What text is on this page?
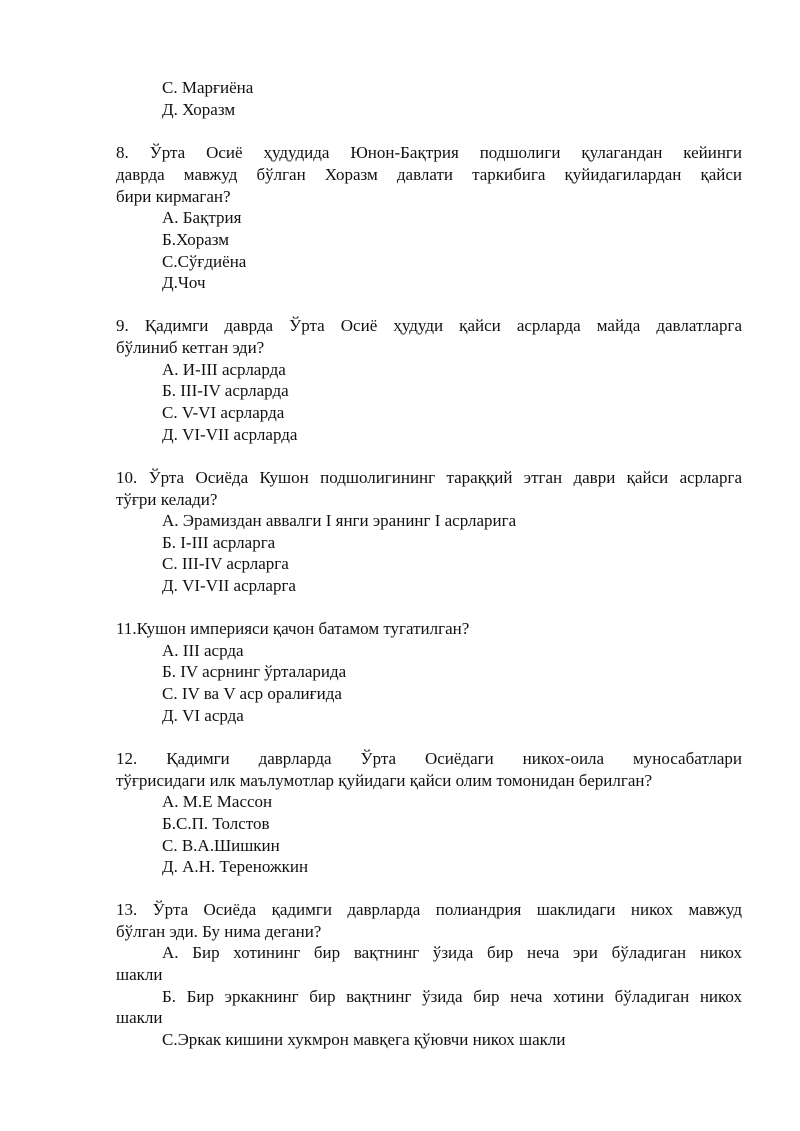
С. Марғиёна

Д. Хоразм

8. Ўрта Осиё ҳудудида Юнон-Бақтрия подшолиги қулагандан кейинги

даврда мавжуд бўлган Хоразм давлати таркибига қуйидагилардан қайси

бири кирмаган?

А. Бақтрия

Б.Хоразм

С.Сўғдиёна

Д.Чоч

9. Қадимги даврда Ўрта Осиё ҳудуди қайси асрларда майда давлатларга

бўлиниб кетган эди?

А. И-III асрларда

Б. III-IV асрларда

С. V-VI асрларда

Д. VI-VII асрларда

10. Ўрта Осиёда Кушон подшолигининг тараққий этган даври қайси асрларга

тўғри келади?

А. Эрамиздан аввалги I янги эранинг I асрларига

Б. I-III асрларга

С. III-IV асрларга

Д. VI-VII асрларга

11.Кушон империяси қачон батамом тугатилган?

А. III асрда

Б. IV асрнинг ўрталарида

С. IV ва V аср оралиғида

Д. VI асрда

12. Қадимги даврларда Ўрта Осиёдаги никох-оила муносабатлари

тўғрисидаги илк маълумотлар қуйидаги қайси олим томонидан берилган?

А. М.Е Массон

Б.С.П. Толстов

С. В.А.Шишкин

Д. А.Н. Тереножкин

13. Ўрта Осиёда қадимги даврларда полиандрия шаклидаги никох мавжуд

бўлган эди. Бу нима дегани?

А. Бир хотининг бир вақтнинг ўзида бир неча эри бўладиган никох

шакли

Б. Бир эркакнинг бир вақтнинг ўзида бир неча хотини бўладиган никох

шакли

С.Эркак кишини хукмрон мавқега қўювчи никох шакли
